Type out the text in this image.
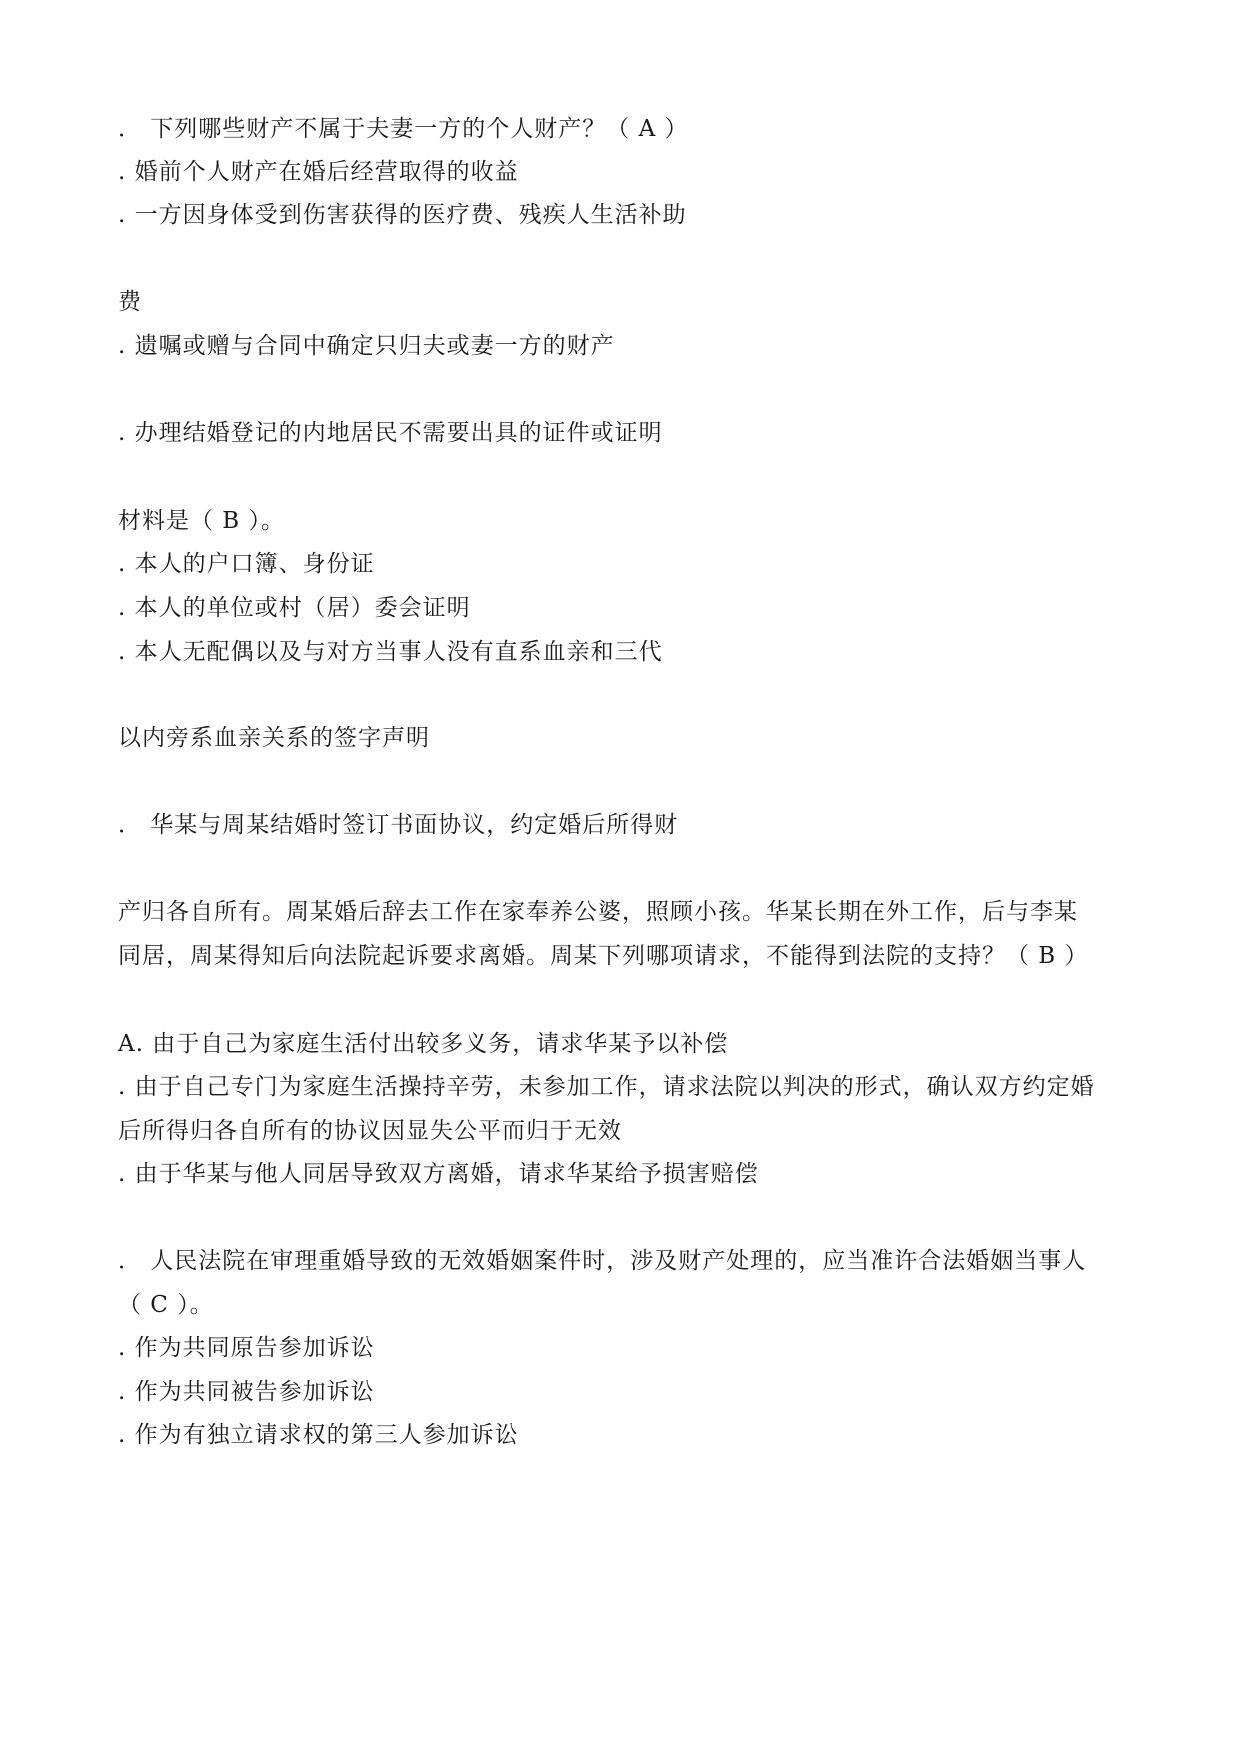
． 下列哪些财产不属于夫妻一方的个人财产？（ A ）
. 婚前个人财产在婚后经营取得的收益
. 一方因身体受到伤害获得的医疗费、残疾人生活补助
费
. 遗嘱或赠与合同中确定只归夫或妻一方的财产
. 办理结婚登记的内地居民不需要出具的证件或证明
材料是（ B ）。
. 本人的户口簿、身份证
. 本人的单位或村（居）委会证明
. 本人无配偶以及与对方当事人没有直系血亲和三代
以内旁系血亲关系的签字声明
． 华某与周某结婚时签订书面协议，约定婚后所得财
产归各自所有。周某婚后辞去工作在家奉养公婆，照顾小孩。华某长期在外工作，后与李某
同居，周某得知后向法院起诉要求离婚。周某下列哪项请求，不能得到法院的支持？（ B ）
A. 由于自己为家庭生活付出较多义务，请求华某予以补偿
. 由于自己专门为家庭生活操持辛劳，未参加工作，请求法院以判决的形式，确认双方约定婚
后所得归各自所有的协议因显失公平而归于无效
. 由于华某与他人同居导致双方离婚，请求华某给予损害赔偿
． 人民法院在审理重婚导致的无效婚姻案件时，涉及财产处理的，应当准许合法婚姻当事人
（ C ）。
. 作为共同原告参加诉讼
. 作为共同被告参加诉讼
. 作为有独立请求权的第三人参加诉讼
